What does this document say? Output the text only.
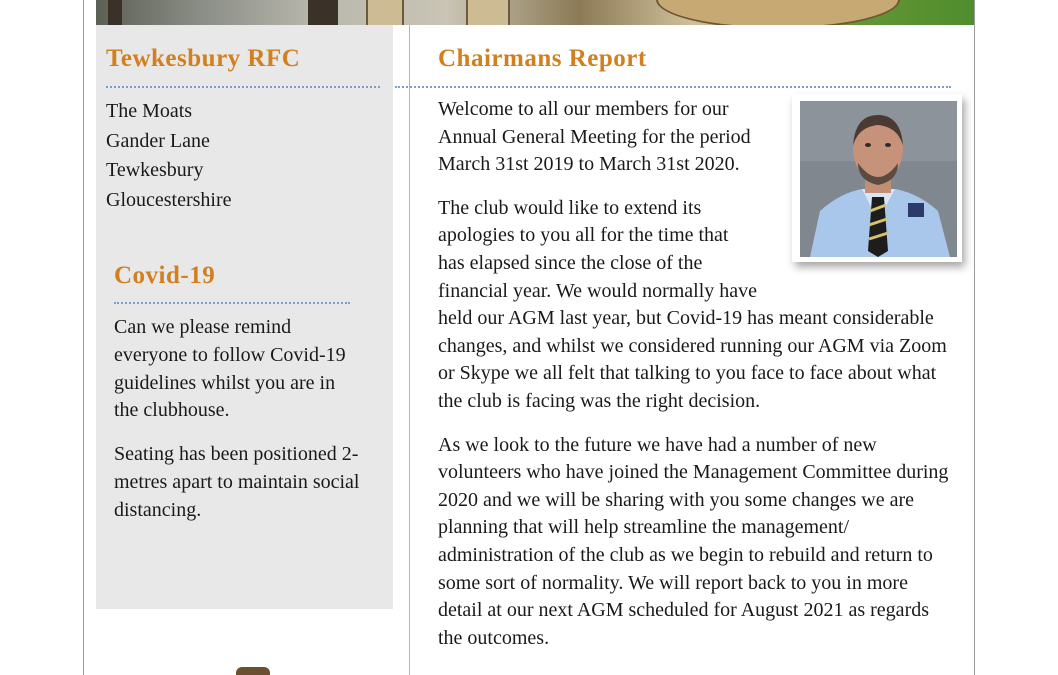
Tewkesbury RFC
The Moats
Gander Lane
Tewkesbury
Gloucestershire
Covid-19

Can we please remind everyone to follow Covid-19 guidelines whilst you are in the clubhouse.

Seating has been positioned 2-metres apart to maintain social distancing.

Chairmans Report

Welcome to all our members for our Annual General Meeting for the period March 31st 2019 to March 31st 2020.

The club would like to extend its apologies to you all for the time that has elapsed since the close of the financial year. We would normally have held our AGM last year, but Covid-19 has meant considerable changes, and whilst we considered running our AGM via Zoom or Skype we all felt that talking to you face to face about what the club is facing was the right decision.

As we look to the future we have had a number of new volunteers who have joined the Management Committee during 2020 and we will be sharing with you some changes we are planning that will help streamline the management/ administration of the club as we begin to rebuild and return to some sort of normality. We will report back to you in more detail at our next AGM scheduled for August 2021 as regards the outcomes.
